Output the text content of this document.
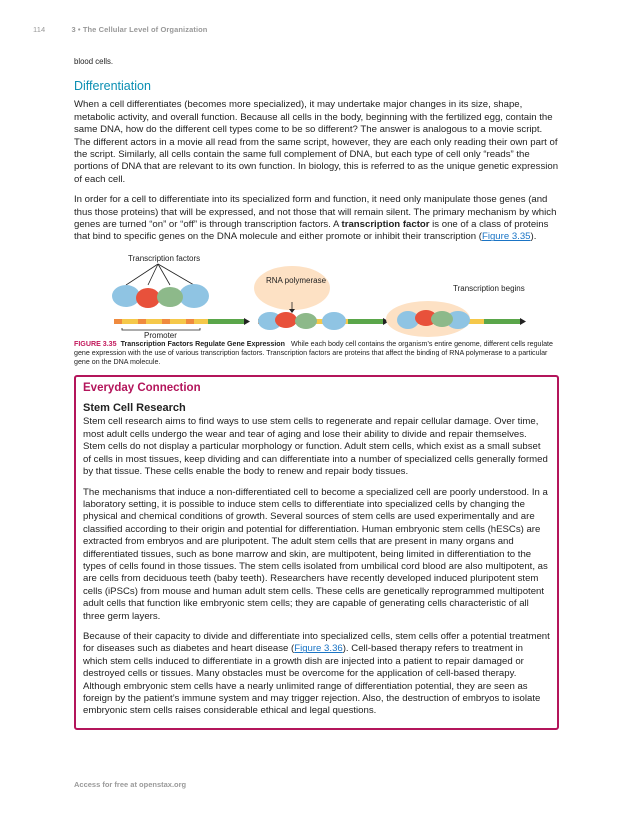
114	3 • The Cellular Level of Organization

blood cells.

Differentiation

When a cell differentiates (becomes more specialized), it may undertake major changes in its size, shape, metabolic activity, and overall function. Because all cells in the body, beginning with the fertilized egg, contain the same DNA, how do the different cell types come to be so different? The answer is analogous to a movie script. The different actors in a movie all read from the same script, however, they are each only reading their own part of the script. Similarly, all cells contain the same full complement of DNA, but each type of cell only “reads” the portions of DNA that are relevant to its own function. In biology, this is referred to as the unique genetic expression of each cell.

In order for a cell to differentiate into its specialized form and function, it need only manipulate those genes (and thus those proteins) that will be expressed, and not those that will remain silent. The primary mechanism by which genes are turned “on” or “off” is through transcription factors. A transcription factor is one of a class of proteins that bind to specific genes on the DNA molecule and either promote or inhibit their transcription (Figure 3.35).

Transcription factors
Promoter
RNA polymerase
Transcription begins

FIGURE 3.35 Transcription Factors Regulate Gene Expression While each body cell contains the organism’s entire genome, different cells regulate gene expression with the use of various transcription factors. Transcription factors are proteins that affect the binding of RNA polymerase to a particular gene on the DNA molecule.

Everyday Connection
Stem Cell Research

Stem cell research aims to find ways to use stem cells to regenerate and repair cellular damage. Over time, most adult cells undergo the wear and tear of aging and lose their ability to divide and repair themselves. Stem cells do not display a particular morphology or function. Adult stem cells, which exist as a small subset of cells in most tissues, keep dividing and can differentiate into a number of specialized cells generally formed by that tissue. These cells enable the body to renew and repair body tissues.

The mechanisms that induce a non-differentiated cell to become a specialized cell are poorly understood. In a laboratory setting, it is possible to induce stem cells to differentiate into specialized cells by changing the physical and chemical conditions of growth. Several sources of stem cells are used experimentally and are classified according to their origin and potential for differentiation. Human embryonic stem cells (hESCs) are extracted from embryos and are pluripotent. The adult stem cells that are present in many organs and differentiated tissues, such as bone marrow and skin, are multipotent, being limited in differentiation to the types of cells found in those tissues. The stem cells isolated from umbilical cord blood are also multipotent, as are cells from deciduous teeth (baby teeth). Researchers have recently developed induced pluripotent stem cells (iPSCs) from mouse and human adult stem cells. These cells are genetically reprogrammed multipotent adult cells that function like embryonic stem cells; they are capable of generating cells characteristic of all three germ layers.

Because of their capacity to divide and differentiate into specialized cells, stem cells offer a potential treatment for diseases such as diabetes and heart disease (Figure 3.36). Cell-based therapy refers to treatment in which stem cells induced to differentiate in a growth dish are injected into a patient to repair damaged or destroyed cells or tissues. Many obstacles must be overcome for the application of cell-based therapy. Although embryonic stem cells have a nearly unlimited range of differentiation potential, they are seen as foreign by the patient’s immune system and may trigger rejection. Also, the destruction of embryos to isolate embryonic stem cells raises considerable ethical and legal questions.

Access for free at openstax.org
